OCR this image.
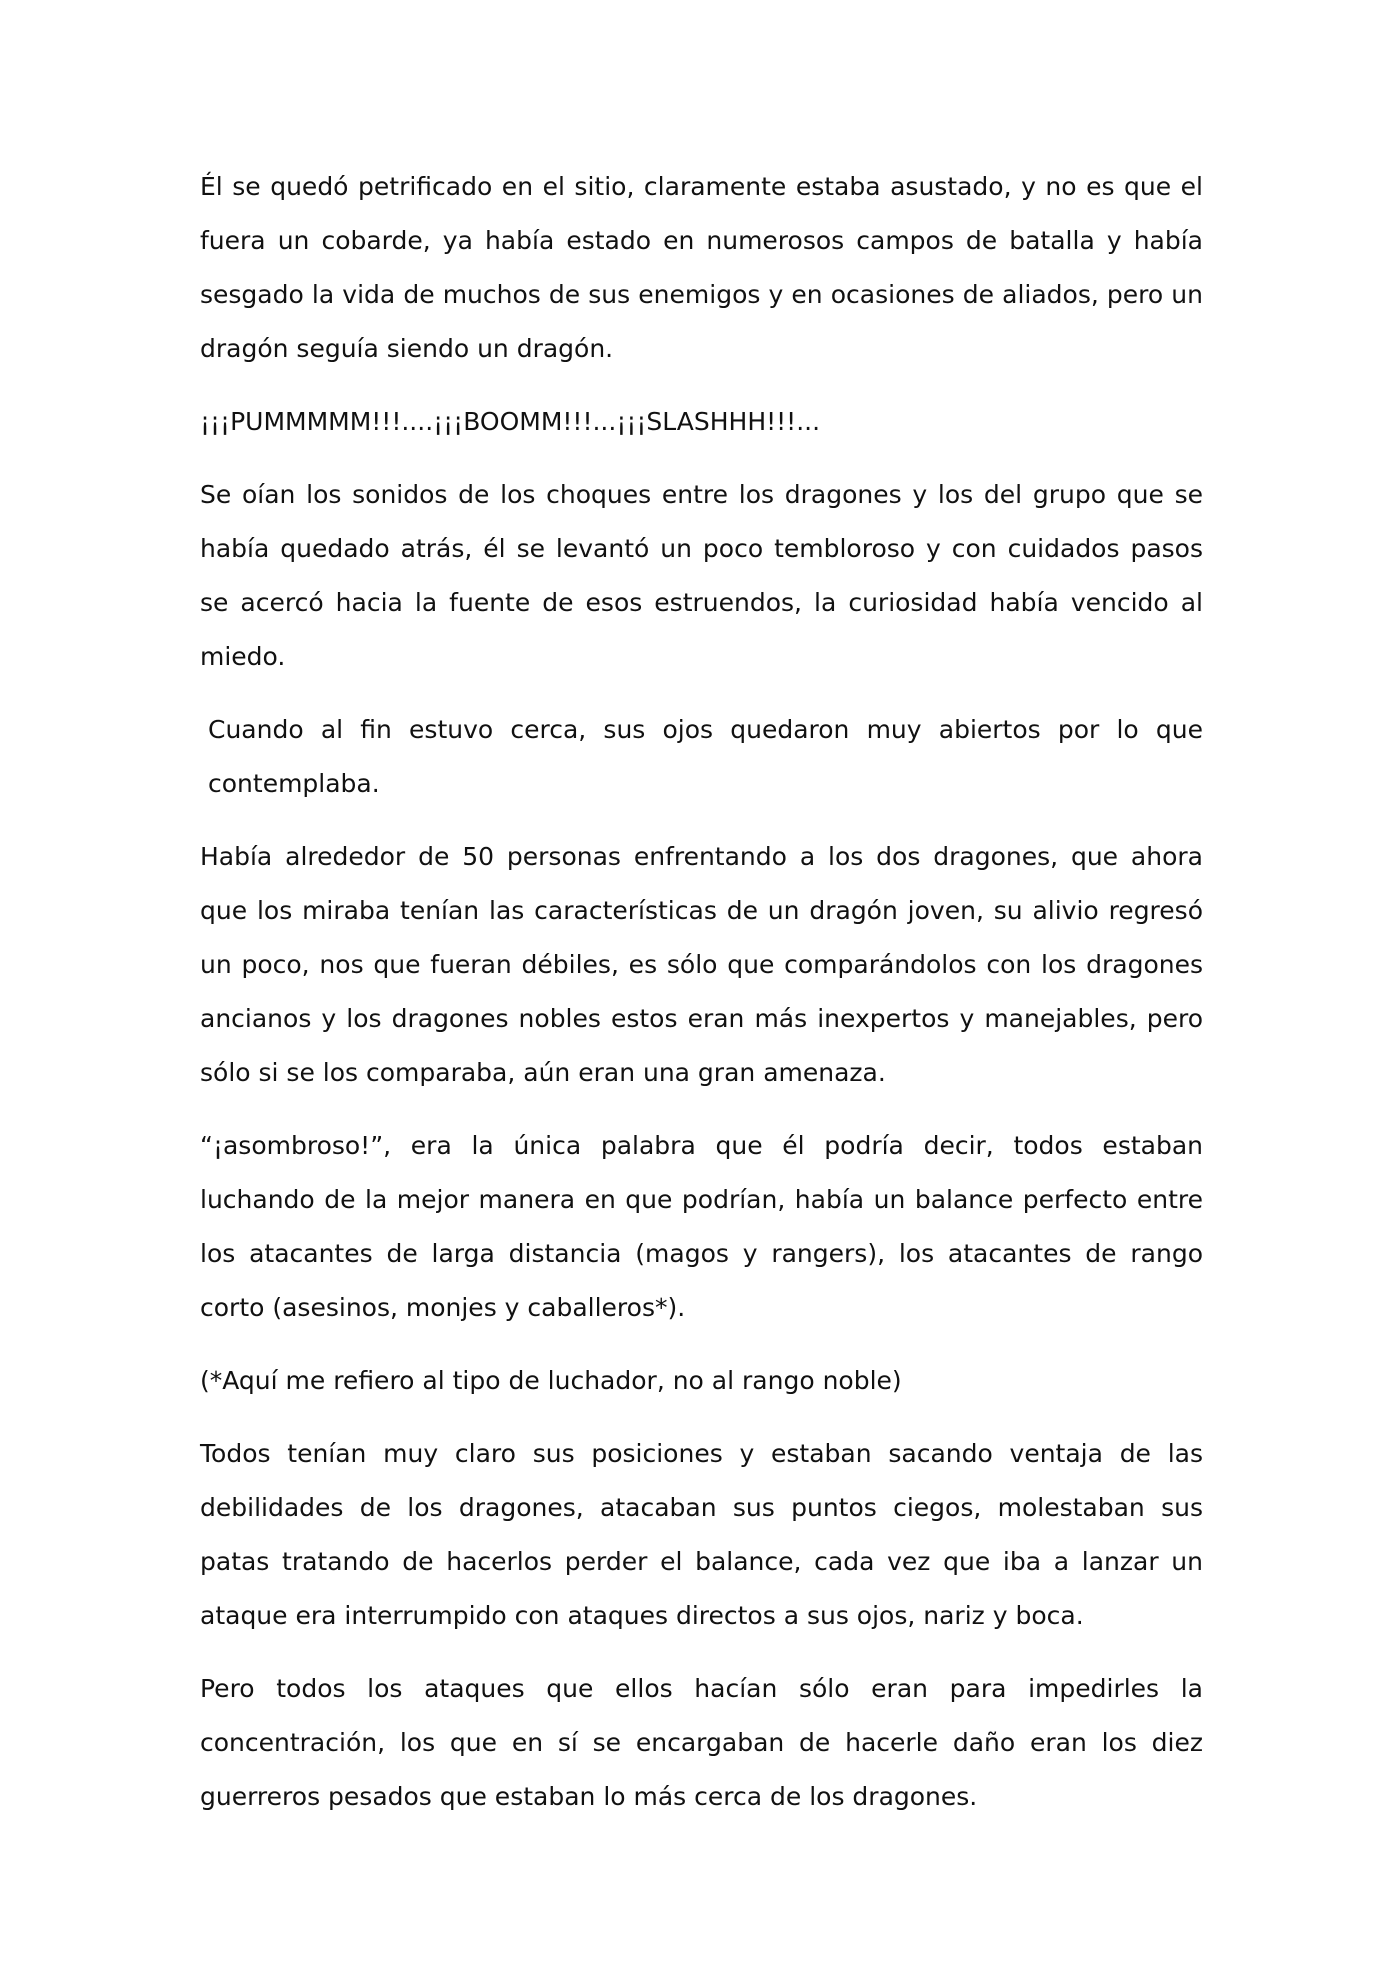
Él se quedó petrificado en el sitio, claramente estaba asustado, y no es que el fuera un cobarde, ya había estado en numerosos campos de batalla y había sesgado la vida de muchos de sus enemigos y en ocasiones de aliados, pero un dragón seguía siendo un dragón.

¡¡¡PUMMMMM!!!....¡¡¡BOOMM!!!...¡¡¡SLASHHH!!!...

Se oían los sonidos de los choques entre los dragones y los del grupo que se había quedado atrás, él se levantó un poco tembloroso y con cuidados pasos se acercó hacia la fuente de esos estruendos, la curiosidad había vencido al miedo.

Cuando al fin estuvo cerca, sus ojos quedaron muy abiertos por lo que contemplaba.

Había alrededor de 50 personas enfrentando a los dos dragones, que ahora que los miraba tenían las características de un dragón joven, su alivio regresó un poco, nos que fueran débiles, es sólo que comparándolos con los dragones ancianos y los dragones nobles estos eran más inexpertos y manejables, pero sólo si se los comparaba, aún eran una gran amenaza.

“¡asombroso!”, era la única palabra que él podría decir, todos estaban luchando de la mejor manera en que podrían, había un balance perfecto entre los atacantes de larga distancia (magos y rangers), los atacantes de rango corto (asesinos, monjes y caballeros*).

(*Aquí me refiero al tipo de luchador, no al rango noble)

Todos tenían muy claro sus posiciones y estaban sacando ventaja de las debilidades de los dragones, atacaban sus puntos ciegos, molestaban sus patas tratando de hacerlos perder el balance, cada vez que iba a lanzar un ataque era interrumpido con ataques directos a sus ojos, nariz y boca.

Pero todos los ataques que ellos hacían sólo eran para impedirles la concentración, los que en sí se encargaban de hacerle daño eran los diez guerreros pesados que estaban lo más cerca de los dragones.
